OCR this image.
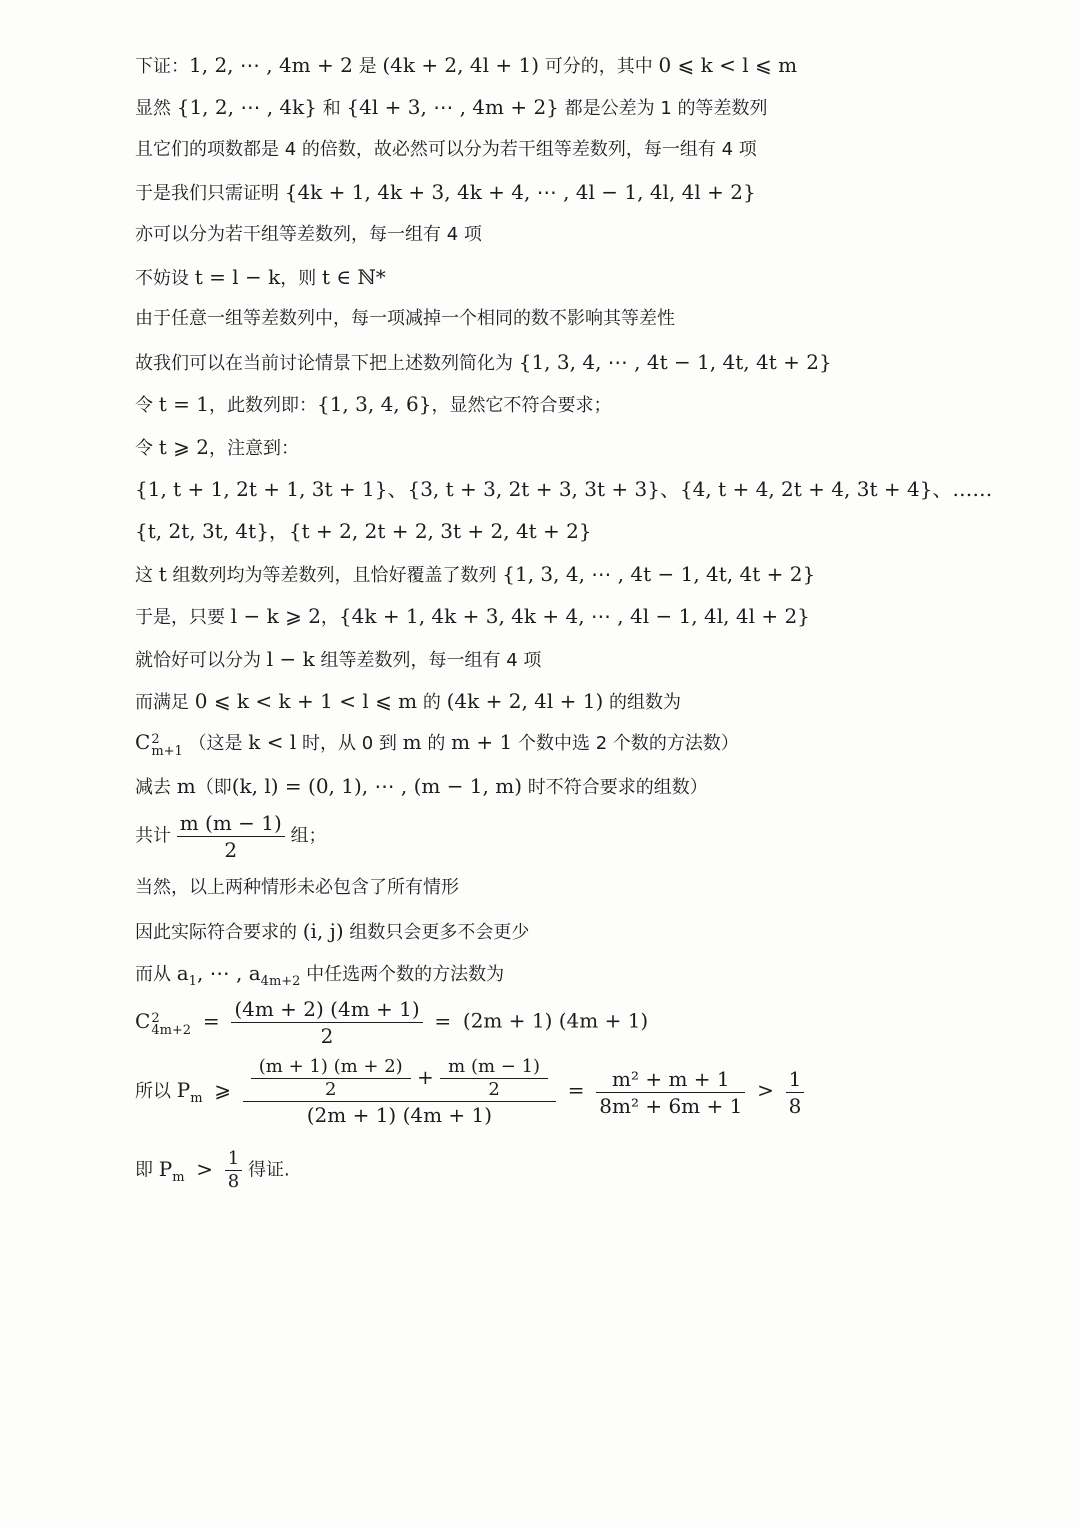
下证：1, 2, ⋯ , 4m + 2 是 (4k + 2, 4l + 1) 可分的，其中 0 ⩽ k < l ⩽ m
显然 {1, 2, ⋯ , 4k} 和 {4l + 3, ⋯ , 4m + 2} 都是公差为 1 的等差数列
且它们的项数都是 4 的倍数，故必然可以分为若干组等差数列，每一组有 4 项
于是我们只需证明 {4k + 1, 4k + 3, 4k + 4, ⋯ , 4l − 1, 4l, 4l + 2}
亦可以分为若干组等差数列，每一组有 4 项
不妨设 t = l − k，则 t ∈ ℕ*
由于任意一组等差数列中，每一项减掉一个相同的数不影响其等差性
故我们可以在当前讨论情景下把上述数列简化为 {1, 3, 4, ⋯ , 4t − 1, 4t, 4t + 2}
令 t = 1，此数列即：{1, 3, 4, 6}，显然它不符合要求；
令 t ⩾ 2，注意到：
{1, t + 1, 2t + 1, 3t + 1}、{3, t + 3, 2t + 3, 3t + 3}、{4, t + 4, 2t + 4, 3t + 4}、……
{t, 2t, 3t, 4t}，{t + 2, 2t + 2, 3t + 2, 4t + 2}
这 t 组数列均为等差数列，且恰好覆盖了数列 {1, 3, 4, ⋯ , 4t − 1, 4t, 4t + 2}
于是，只要 l − k ⩾ 2，{4k + 1, 4k + 3, 4k + 4, ⋯ , 4l − 1, 4l, 4l + 2}
就恰好可以分为 l − k 组等差数列，每一组有 4 项
而满足 0 ⩽ k < k + 1 < l ⩽ m 的 (4k + 2, 4l + 1) 的组数为
C 2
m+1 （这是 k < l 时，从 0 到 m 的 m + 1 个数中选 2 个数的方法数）
减去 m（即(k, l) = (0, 1), ⋯ , (m − 1, m) 时不符合要求的组数）
共计 $\frac{m (m - 1)}{2}$ 组；
当然，以上两种情形未必包含了所有情形
因此实际符合要求的 (i, j) 组数只会更多不会更少
而从 $a_1$, ⋯ , $a_{4m+2}$ 中任选两个数的方法数为
C 2
$4m+2 = \frac{(4m + 2) (4m + 1)}{2} = (2m + 1) (4m + 1)$
所以 $P_m$ ⩾ $\frac{\frac{(m + 1) (m + 2)}{2} + \frac{m (m - 1)}{2}}{(2m + 1) (4m + 1)} = \frac{\text{m² + m + 1}}{\text{8m² + 6m + 1}} > \frac{1}{8}$
即 $P_m > \frac{1}{8}$ 得证.
